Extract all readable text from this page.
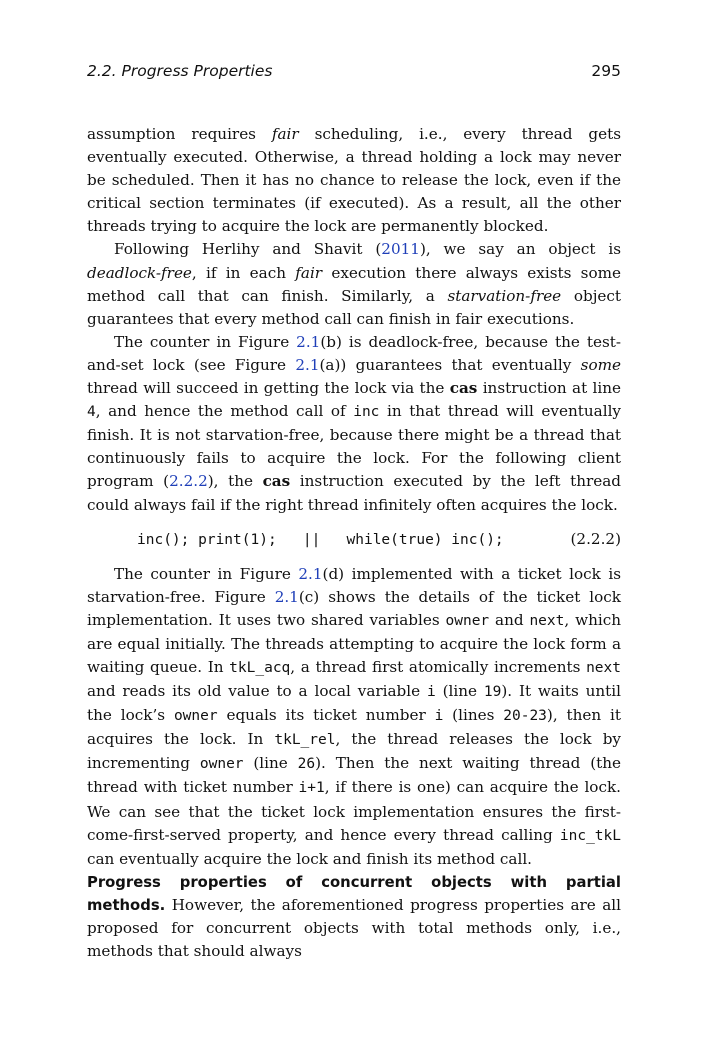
2.2. Progress Properties	295

assumption requires fair scheduling, i.e., every thread gets eventually executed. Otherwise, a thread holding a lock may never be scheduled. Then it has no chance to release the lock, even if the critical section terminates (if executed). As a result, all the other threads trying to acquire the lock are permanently blocked.

Following Herlihy and Shavit (2011), we say an object is deadlock-free, if in each fair execution there always exists some method call that can finish. Similarly, a starvation-free object guarantees that every method call can finish in fair executions.

The counter in Figure 2.1(b) is deadlock-free, because the test-and-set lock (see Figure 2.1(a)) guarantees that eventually some thread will succeed in getting the lock via the cas instruction at line 4, and hence the method call of inc in that thread will eventually finish. It is not starvation-free, because there might be a thread that continuously fails to acquire the lock. For the following client program (2.2.2), the cas instruction executed by the left thread could always fail if the right thread infinitely often acquires the lock.

inc(); print(1);   ||   while(true) inc();	(2.2.2)

The counter in Figure 2.1(d) implemented with a ticket lock is starvation-free. Figure 2.1(c) shows the details of the ticket lock implementation. It uses two shared variables owner and next, which are equal initially. The threads attempting to acquire the lock form a waiting queue. In tkL_acq, a thread first atomically increments next and reads its old value to a local variable i (line 19). It waits until the lock’s owner equals its ticket number i (lines 20-23), then it acquires the lock. In tkL_rel, the thread releases the lock by incrementing owner (line 26). Then the next waiting thread (the thread with ticket number i+1, if there is one) can acquire the lock. We can see that the ticket lock implementation ensures the first-come-first-served property, and hence every thread calling inc_tkL can eventually acquire the lock and finish its method call.

Progress properties of concurrent objects with partial methods. However, the aforementioned progress properties are all proposed for concurrent objects with total methods only, i.e., methods that should always
